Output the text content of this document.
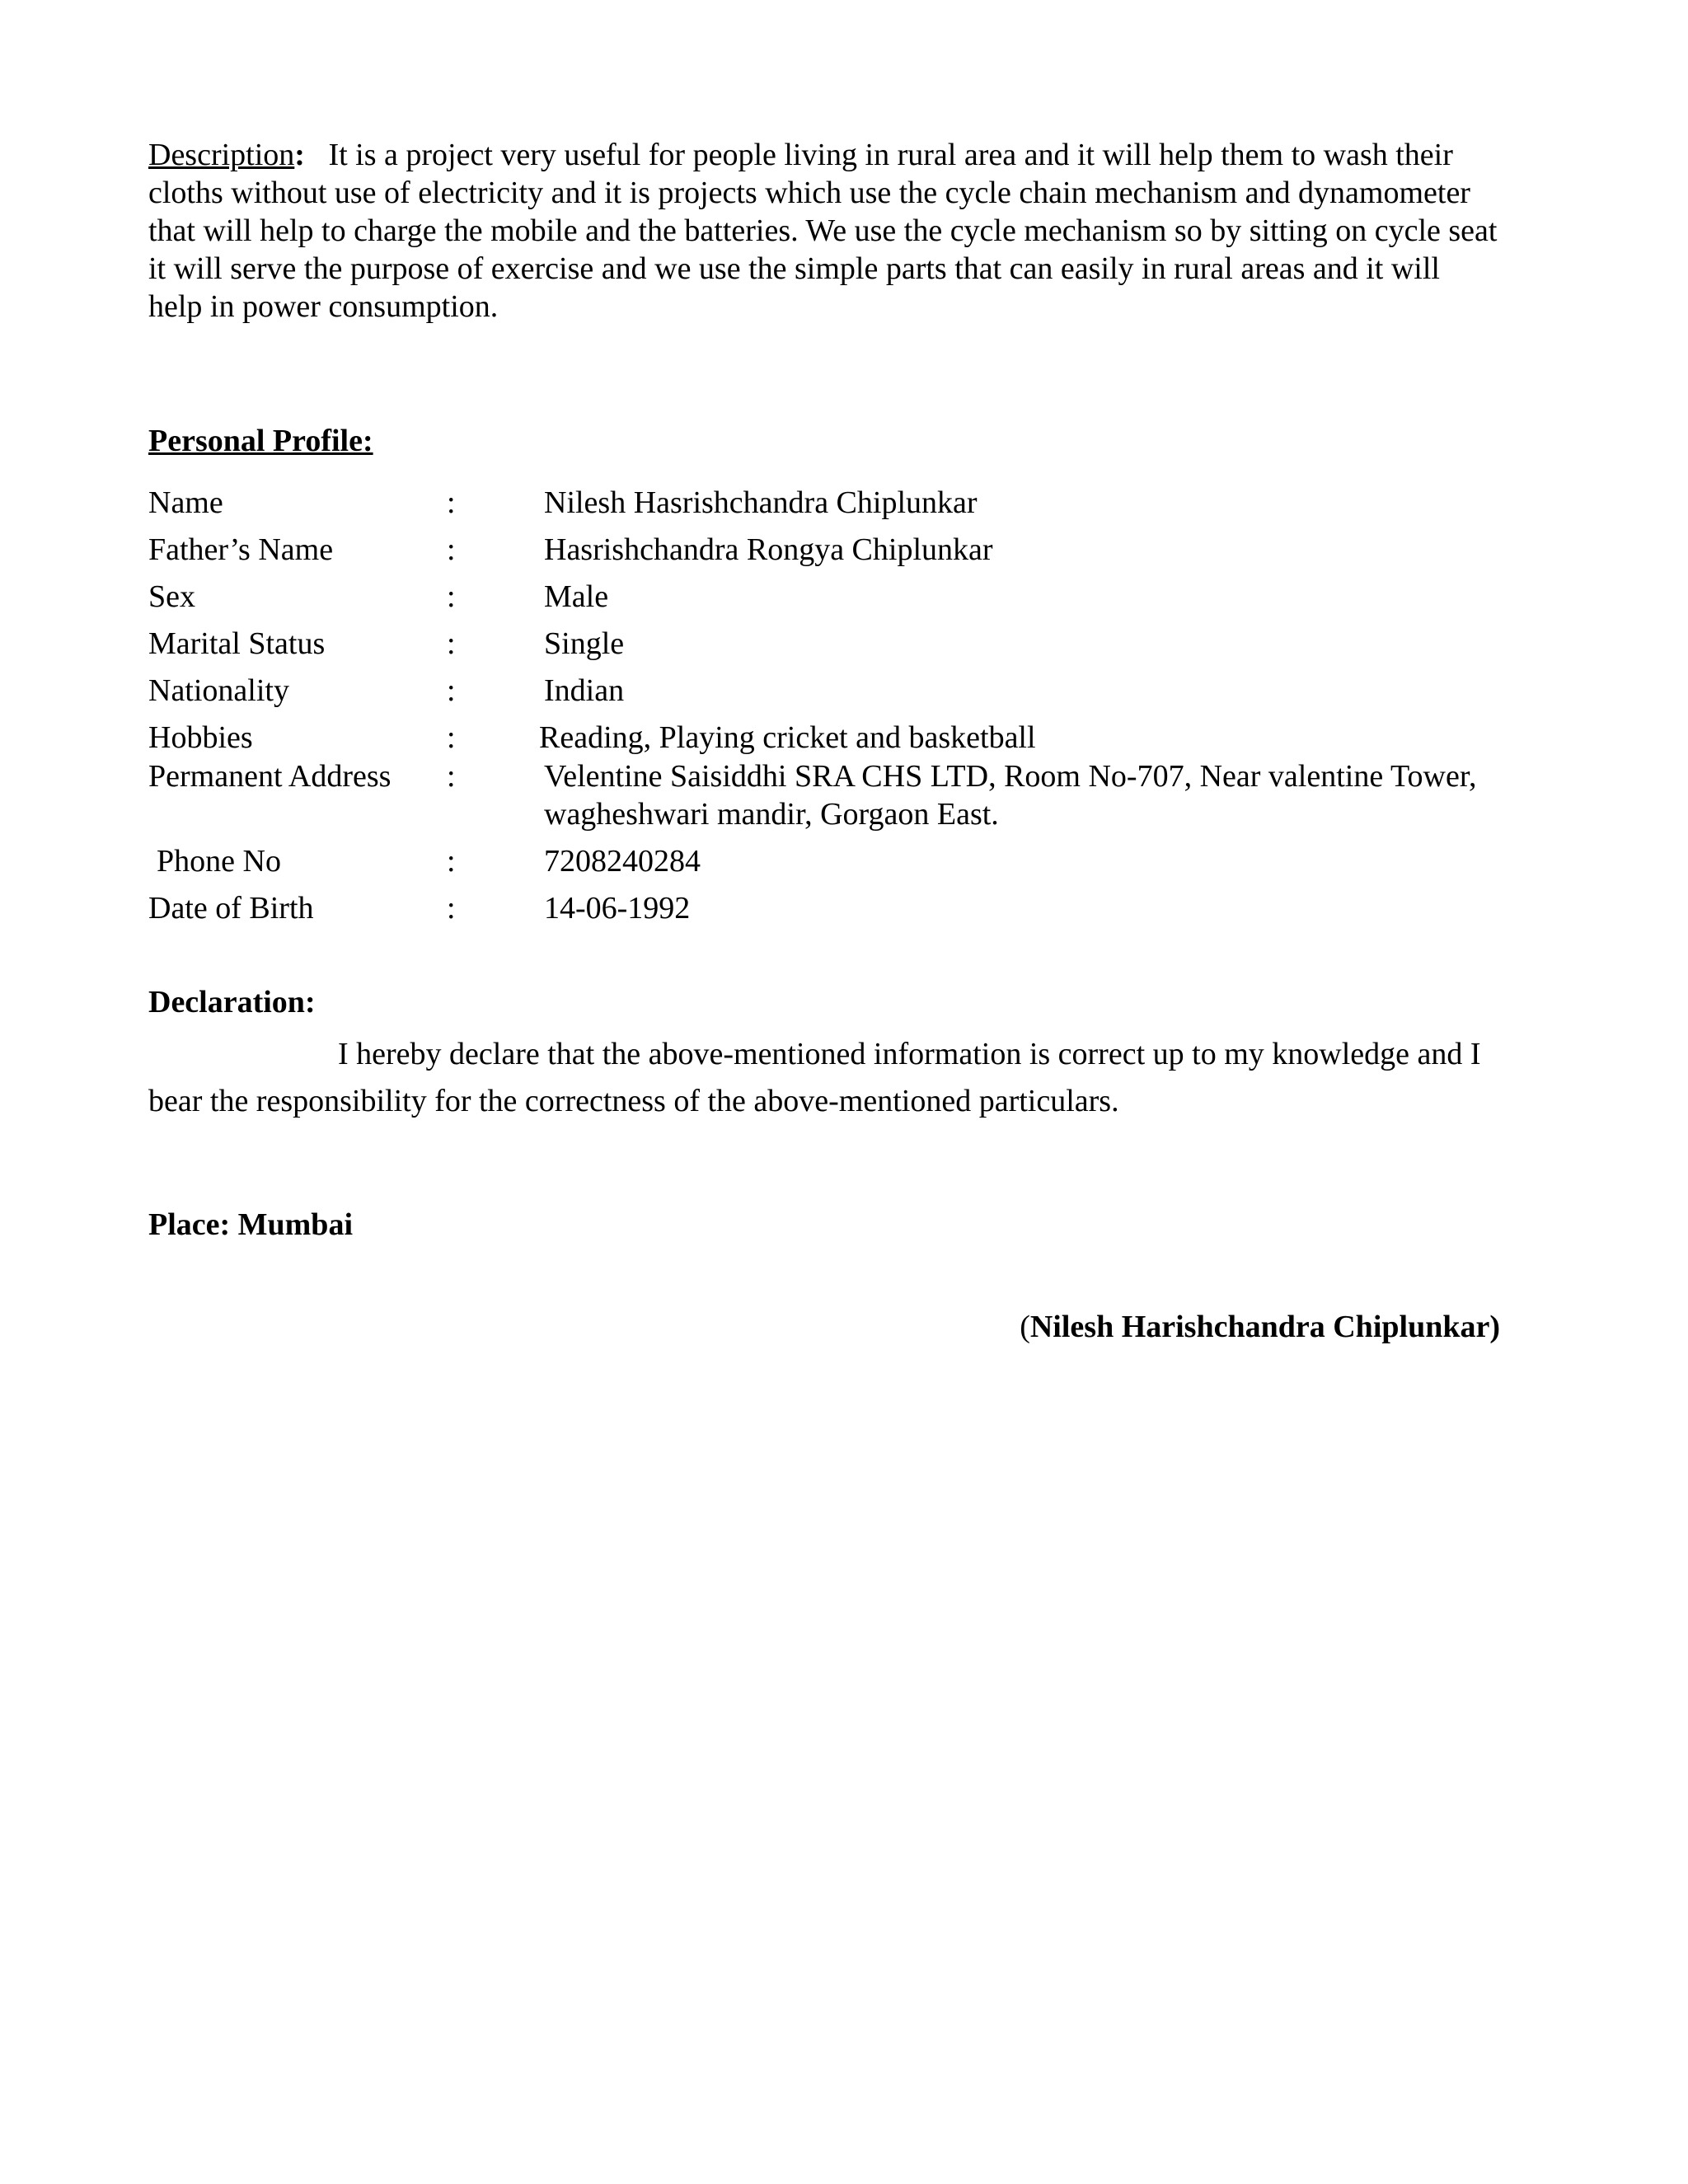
Description: It is a project very useful for people living in rural area and it will help them to wash their cloths without use of electricity and it is projects which use the cycle chain mechanism and dynamometer that will help to charge the mobile and the batteries. We use the cycle mechanism so by sitting on cycle seat it will serve the purpose of exercise and we use the simple parts that can easily in rural areas and it will help in power consumption.

Personal Profile:
Name	:	Nilesh Hasrishchandra Chiplunkar
Father’s Name	:	Hasrishchandra Rongya Chiplunkar
Sex	:	Male
Marital Status	:	Single
Nationality	:	Indian
Hobbies	:	Reading, Playing cricket and basketball
Permanent Address :	Velentine Saisiddhi SRA CHS LTD, Room No-707, Near valentine Tower, wagheshwari mandir, Gorgaon East.
Phone No	:	7208240284
Date of Birth	:	14-06-1992
Declaration:

I hereby declare that the above-mentioned information is correct up to my knowledge and I bear the responsibility for the correctness of the above-mentioned particulars.

Place: Mumbai
(Nilesh Harishchandra Chiplunkar)
